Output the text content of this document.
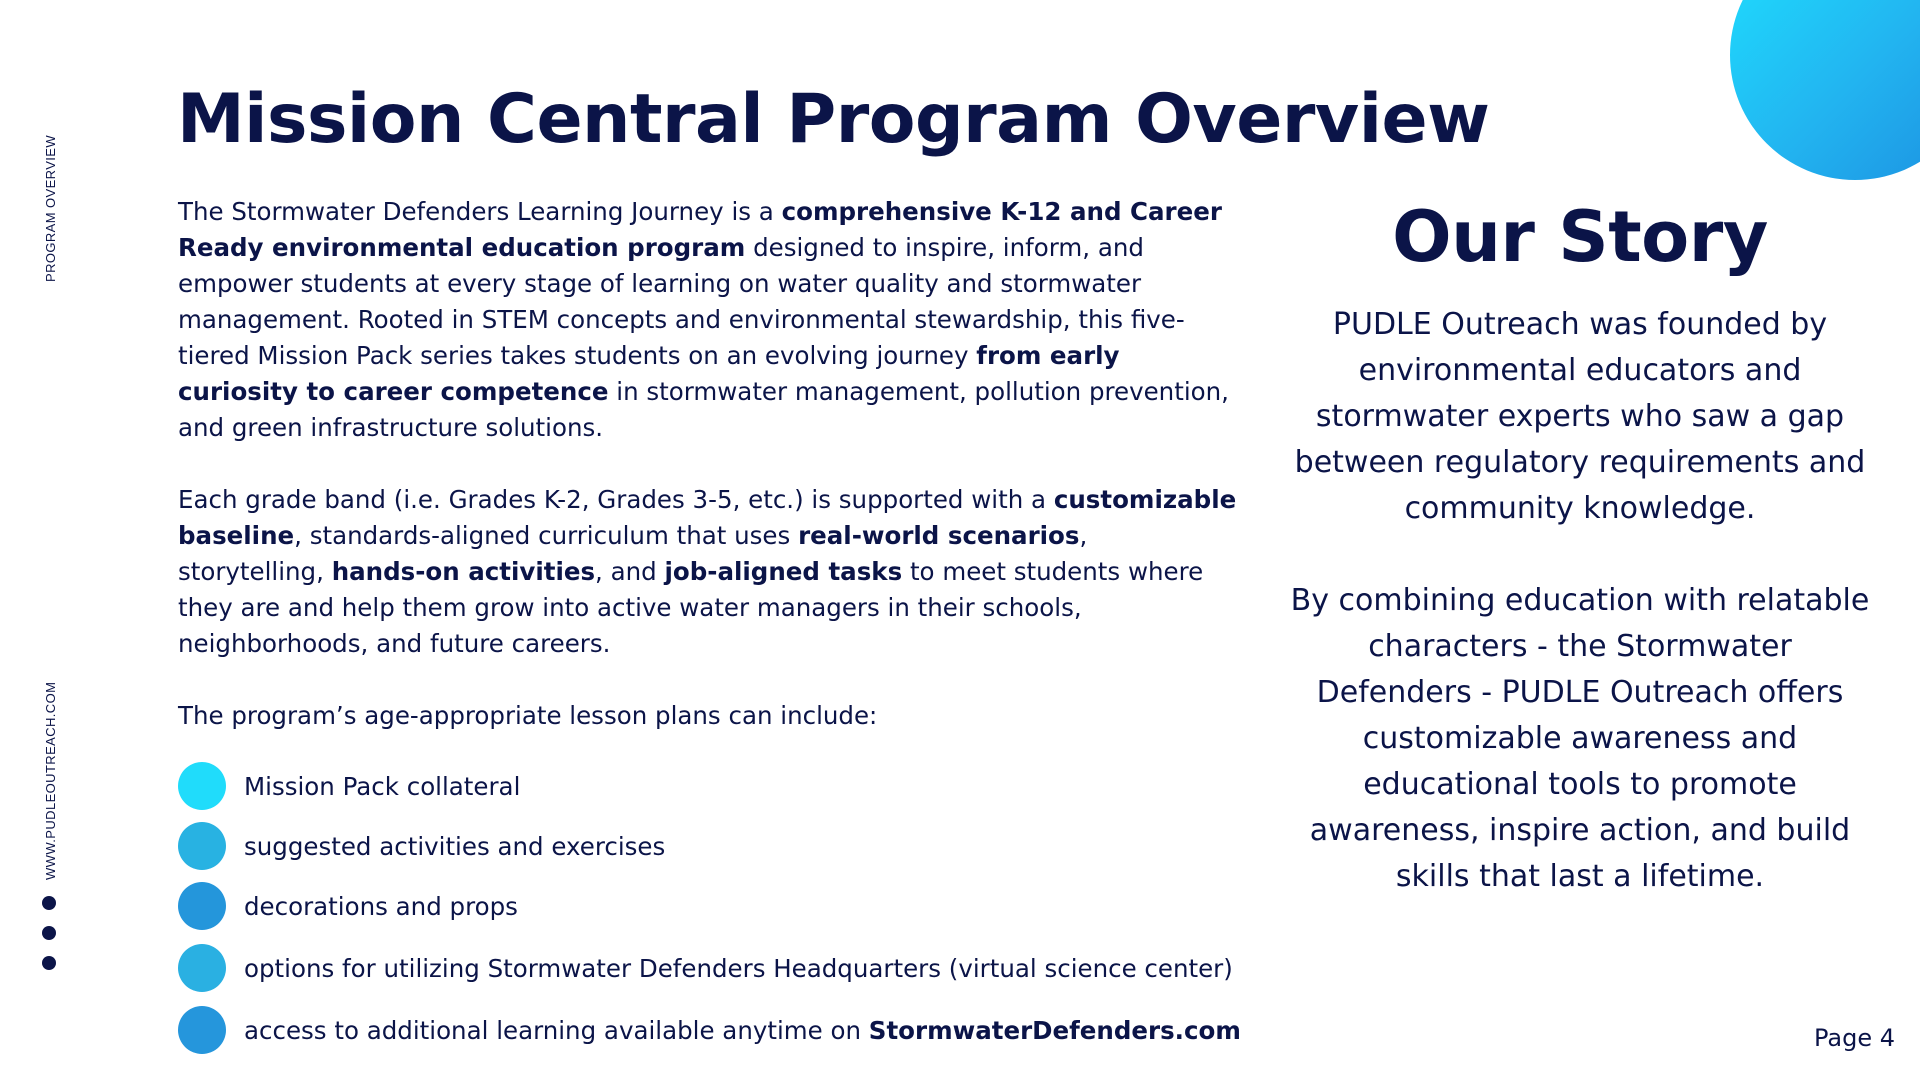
PROGRAM OVERVIEW
WWW.PUDLEOUTREACH.COM
Mission Central Program Overview

The Stormwater Defenders Learning Journey is a comprehensive K-12 and Career Ready environmental education program designed to inspire, inform, and empower students at every stage of learning on water quality and stormwater management. Rooted in STEM concepts and environmental stewardship, this five-tiered Mission Pack series takes students on an evolving journey from early curiosity to career competence in stormwater management, pollution prevention, and green infrastructure solutions.

Each grade band (i.e. Grades K-2, Grades 3-5, etc.) is supported with a customizable baseline, standards-aligned curriculum that uses real-world scenarios, storytelling, hands-on activities, and job-aligned tasks to meet students where they are and help them grow into active water managers in their schools, neighborhoods, and future careers.

The program’s age-appropriate lesson plans can include:

Mission Pack collateral
suggested activities and exercises
decorations and props
options for utilizing Stormwater Defenders Headquarters (virtual science center)
access to additional learning available anytime on StormwaterDefenders.com
Our Story

PUDLE Outreach was founded by environmental educators and stormwater experts who saw a gap between regulatory requirements and community knowledge.

By combining education with relatable characters - the Stormwater Defenders - PUDLE Outreach offers customizable awareness and educational tools to promote awareness, inspire action, and build skills that last a lifetime.

Page 4
